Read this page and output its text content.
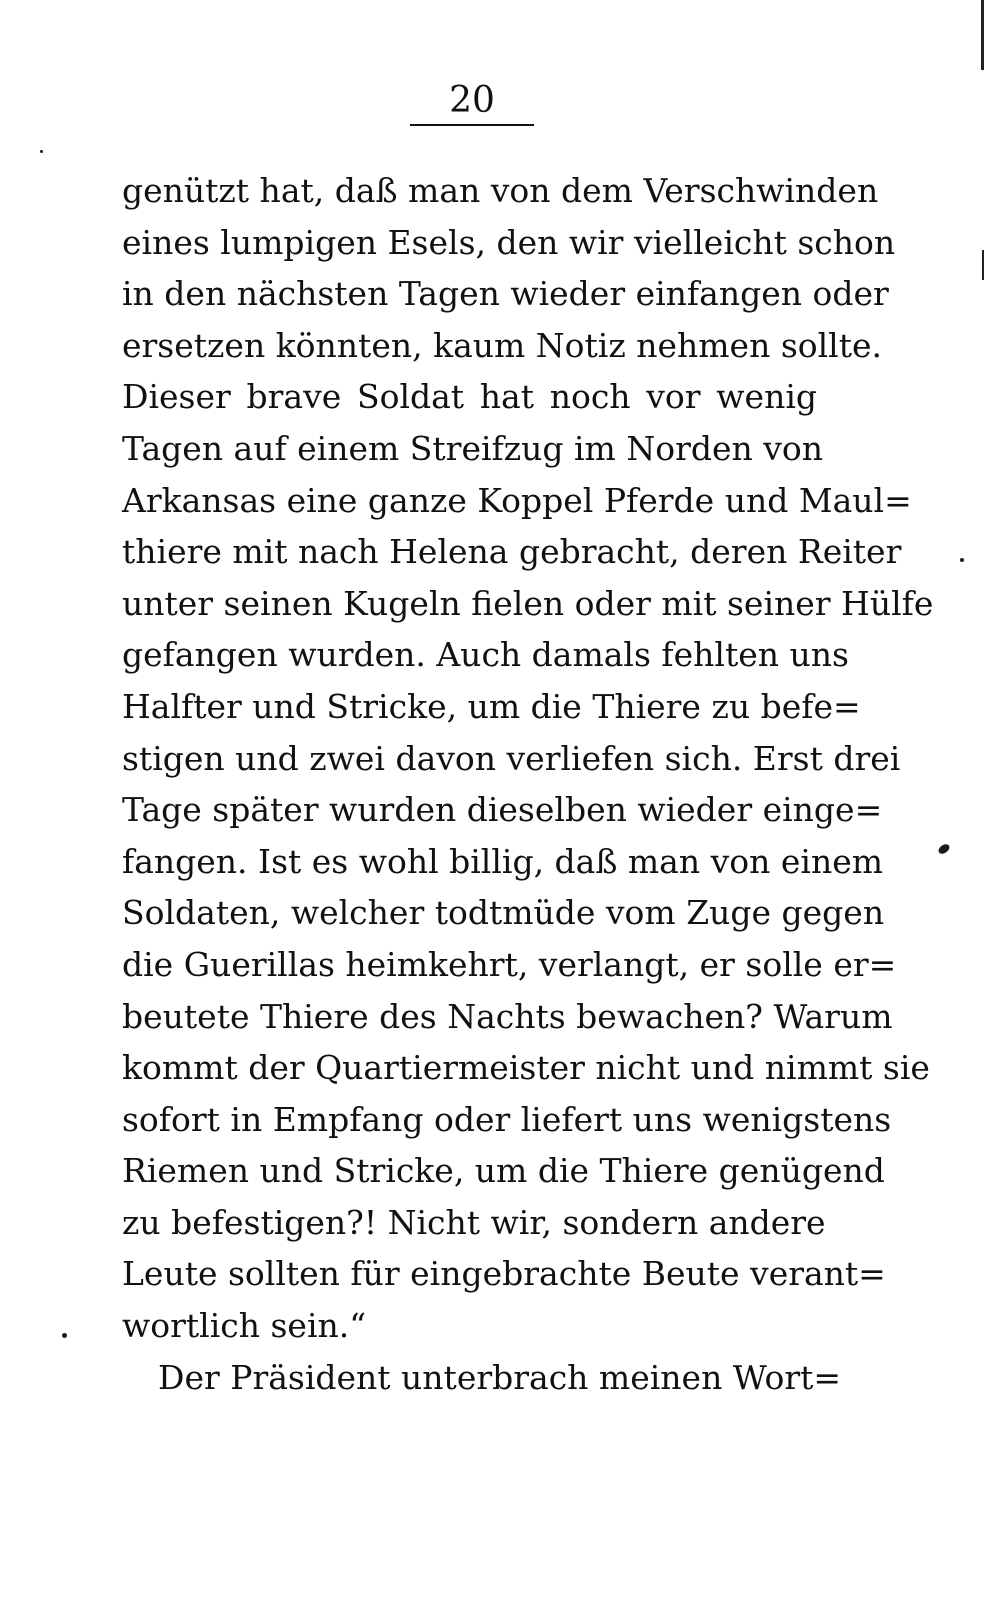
20
genützt hat, daß man von dem Verschwinden
eines lumpigen Esels, den wir vielleicht schon
in den nächsten Tagen wieder einfangen oder
ersetzen könnten, kaum Notiz nehmen sollte.
Dieser brave Soldat hat noch vor wenig
Tagen auf einem Streifzug im Norden von
Arkansas eine ganze Koppel Pferde und Maul=
thiere mit nach Helena gebracht, deren Reiter
unter seinen Kugeln fielen oder mit seiner Hülfe
gefangen wurden. Auch damals fehlten uns
Halfter und Stricke, um die Thiere zu befe=
stigen und zwei davon verliefen sich. Erst drei
Tage später wurden dieselben wieder einge=
fangen. Ist es wohl billig, daß man von einem
Soldaten, welcher todtmüde vom Zuge gegen
die Guerillas heimkehrt, verlangt, er solle er=
beutete Thiere des Nachts bewachen? Warum
kommt der Quartiermeister nicht und nimmt sie
sofort in Empfang oder liefert uns wenigstens
Riemen und Stricke, um die Thiere genügend
zu befestigen?! Nicht wir, sondern andere
Leute sollten für eingebrachte Beute verant=
wortlich sein.“
Der Präsident unterbrach meinen Wort=
